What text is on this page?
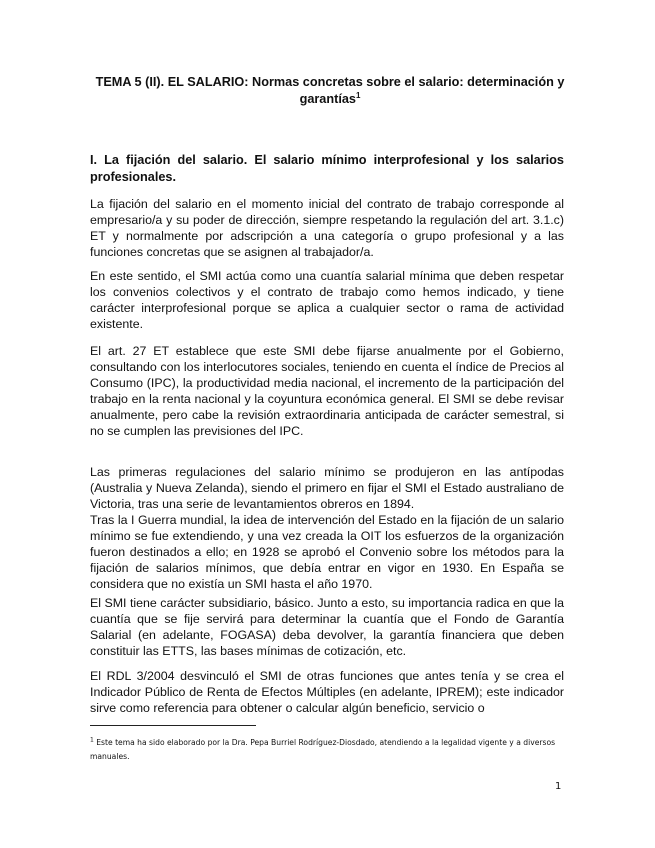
TEMA 5 (II). EL SALARIO: Normas concretas sobre el salario: determinación y garantías$^1$
I. La fijación del salario. El salario mínimo interprofesional y los salarios profesionales.
La fijación del salario en el momento inicial del contrato de trabajo corresponde al empresario/a y su poder de dirección, siempre respetando la regulación del art. 3.1.c) ET y normalmente por adscripción a una categoría o grupo profesional y a las funciones concretas que se asignen al trabajador/a.
En este sentido, el SMI actúa como una cuantía salarial mínima que deben respetar los convenios colectivos y el contrato de trabajo como hemos indicado, y tiene carácter interprofesional porque se aplica a cualquier sector o rama de actividad existente.
El art. 27 ET establece que este SMI debe fijarse anualmente por el Gobierno, consultando con los interlocutores sociales, teniendo en cuenta el índice de Precios al Consumo (IPC), la productividad media nacional, el incremento de la participación del trabajo en la renta nacional y la coyuntura económica general. El SMI se debe revisar anualmente, pero cabe la revisión extraordinaria anticipada de carácter semestral, si no se cumplen las previsiones del IPC.
Las primeras regulaciones del salario mínimo se produjeron en las antípodas (Australia y Nueva Zelanda), siendo el primero en fijar el SMI el Estado australiano de Victoria, tras una serie de levantamientos obreros en 1894.
Tras la I Guerra mundial, la idea de intervención del Estado en la fijación de un salario mínimo se fue extendiendo, y una vez creada la OIT los esfuerzos de la organización fueron destinados a ello; en 1928 se aprobó el Convenio sobre los métodos para la fijación de salarios mínimos, que debía entrar en vigor en 1930. En España se considera que no existía un SMI hasta el año 1970.
El SMI tiene carácter subsidiario, básico. Junto a esto, su importancia radica en que la cuantía que se fije servirá para determinar la cuantía que el Fondo de Garantía Salarial (en adelante, FOGASA) deba devolver, la garantía financiera que deben constituir las ETTS, las bases mínimas de cotización, etc.
El RDL 3/2004 desvinculó el SMI de otras funciones que antes tenía y se crea el Indicador Público de Renta de Efectos Múltiples (en adelante, IPREM); este indicador sirve como referencia para obtener o calcular algún beneficio, servicio o
$^1$ Este tema ha sido elaborado por la Dra. Pepa Burriel Rodríguez-Diosdado, atendiendo a la legalidad vigente y a diversos manuales.
1
